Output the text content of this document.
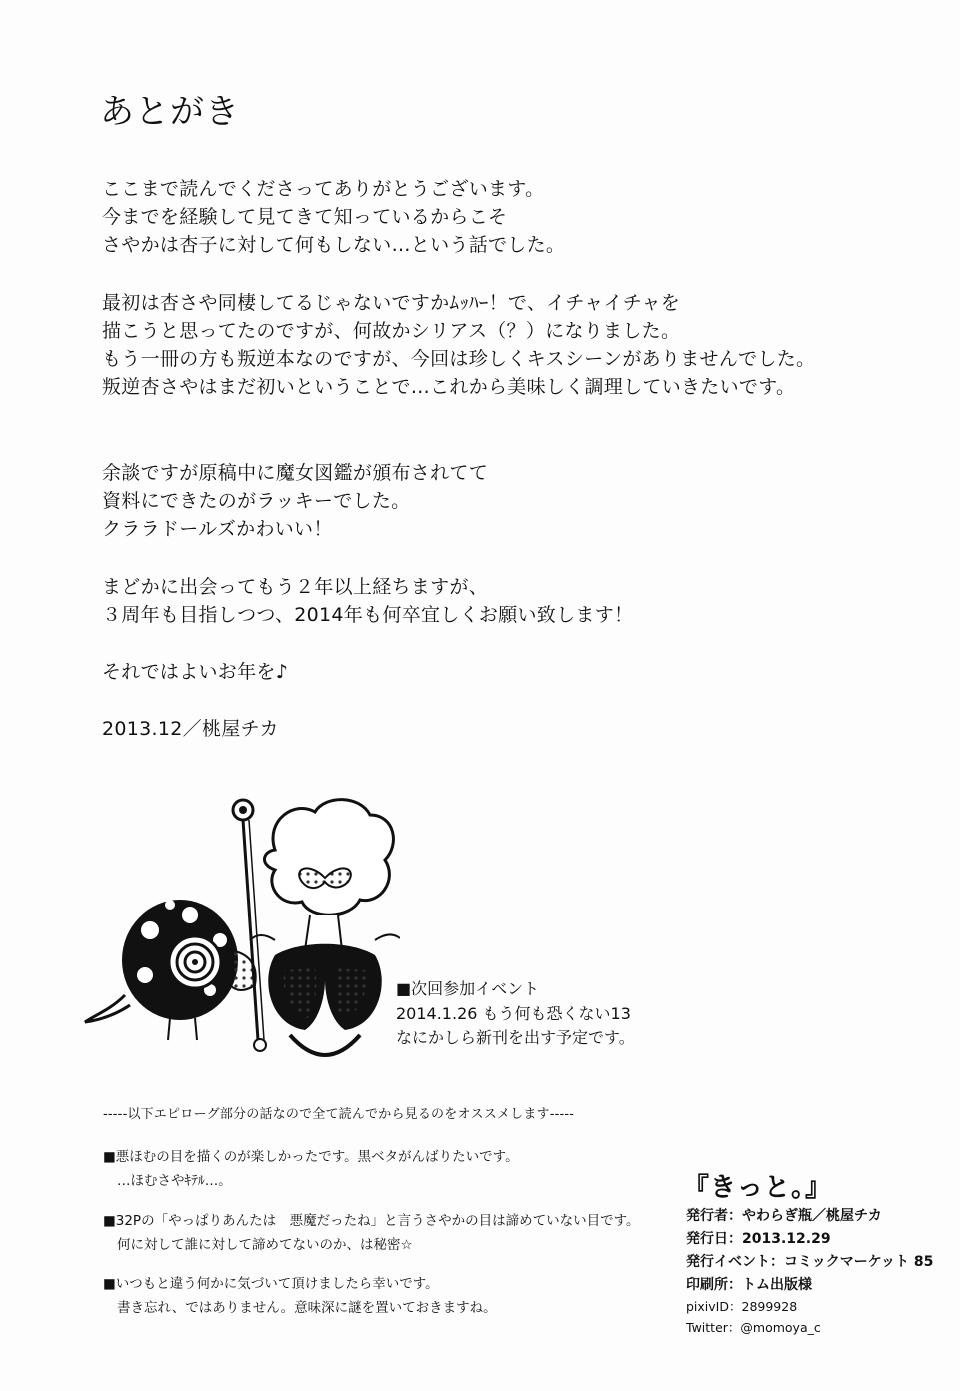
あとがき
ここまで読んでくださってありがとうございます。
今までを経験して見てきて知っているからこそ
さやかは杏子に対して何もしない…という話でした。
最初は杏さや同棲してるじゃないですかﾑｯﾊｰ！で、イチャイチャを
描こうと思ってたのですが、何故かシリアス（？）になりました。
もう一冊の方も叛逆本なのですが、今回は珍しくキスシーンがありませんでした。
叛逆杏さやはまだ初いということで…これから美味しく調理していきたいです。
余談ですが原稿中に魔女図鑑が頒布されてて
資料にできたのがラッキーでした。
クララドールズかわいい！
まどかに出会ってもう２年以上経ちますが、
３周年も目指しつつ、2014年も何卒宜しくお願い致します！
それではよいお年を♪
2013.12／桃屋チカ
■次回参加イベント
2014.1.26 もう何も恐くない13
なにかしら新刊を出す予定です。
-----以下エピローグ部分の話なので全て読んでから見るのをオススメします-----
■悪ほむの目を描くのが楽しかったです。黒ベタがんばりたいです。
…ほむさやｷﾃﾙ…。
■32Pの「やっぱりあんたは　悪魔だったね」と言うさやかの目は諦めていない目です。
何に対して誰に対して諦めてないのか、は秘密☆
■いつもと違う何かに気づいて頂けましたら幸いです。
書き忘れ、ではありません。意味深に謎を置いておきますね。
『きっと。』
発行者：やわらぎ瓶／桃屋チカ
発行日：2013.12.29
発行イベント：コミックマーケット 85
印刷所：トム出版様
pixivID：2899928
Twitter：@momoya_c
